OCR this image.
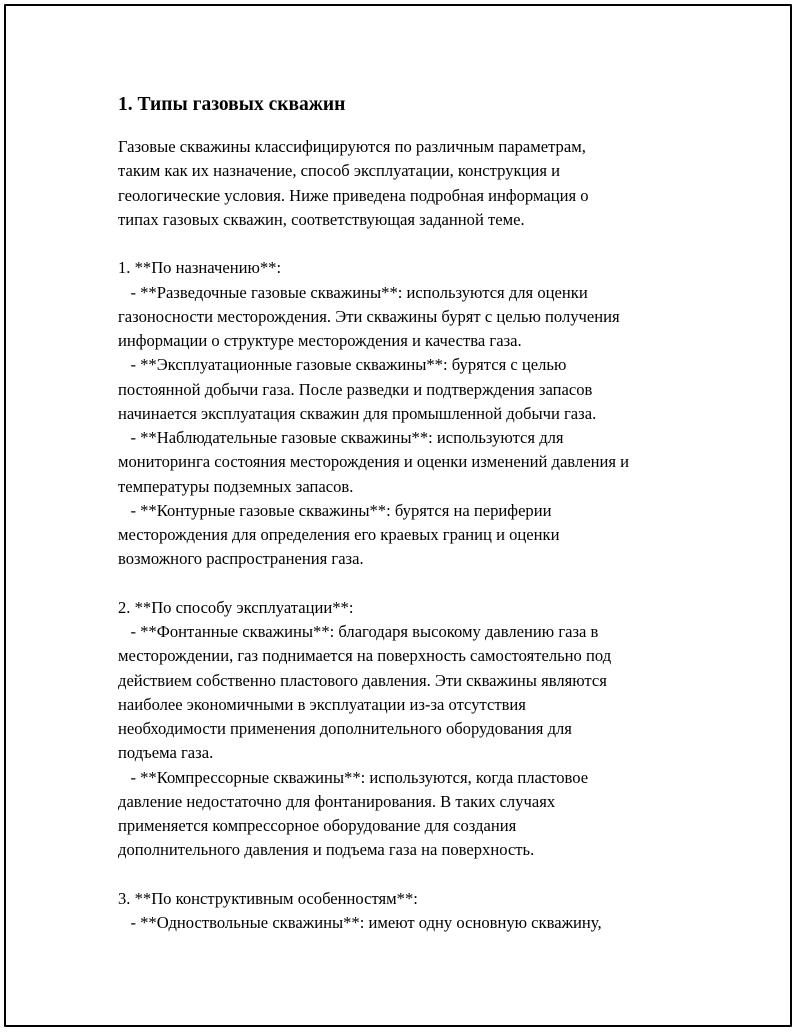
1. Типы газовых скважин
Газовые скважины классифицируются по различным параметрам,
таким как их назначение, способ эксплуатации, конструкция и
геологические условия. Ниже приведена подробная информация о
типах газовых скважин, соответствующая заданной теме.
1. **По назначению**:
- **Разведочные газовые скважины**: используются для оценки
газоносности месторождения. Эти скважины бурят с целью получения
информации о структуре месторождения и качества газа.
- **Эксплуатационные газовые скважины**: бурятся с целью
постоянной добычи газа. После разведки и подтверждения запасов
начинается эксплуатация скважин для промышленной добычи газа.
- **Наблюдательные газовые скважины**: используются для
мониторинга состояния месторождения и оценки изменений давления и
температуры подземных запасов.
- **Контурные газовые скважины**: бурятся на периферии
месторождения для определения его краевых границ и оценки
возможного распространения газа.
2. **По способу эксплуатации**:
- **Фонтанные скважины**: благодаря высокому давлению газа в
месторождении, газ поднимается на поверхность самостоятельно под
действием собственно пластового давления. Эти скважины являются
наиболее экономичными в эксплуатации из-за отсутствия
необходимости применения дополнительного оборудования для
подъема газа.
- **Компрессорные скважины**: используются, когда пластовое
давление недостаточно для фонтанирования. В таких случаях
применяется компрессорное оборудование для создания
дополнительного давления и подъема газа на поверхность.
3. **По конструктивным особенностям**:
- **Одноствольные скважины**: имеют одну основную скважину,
